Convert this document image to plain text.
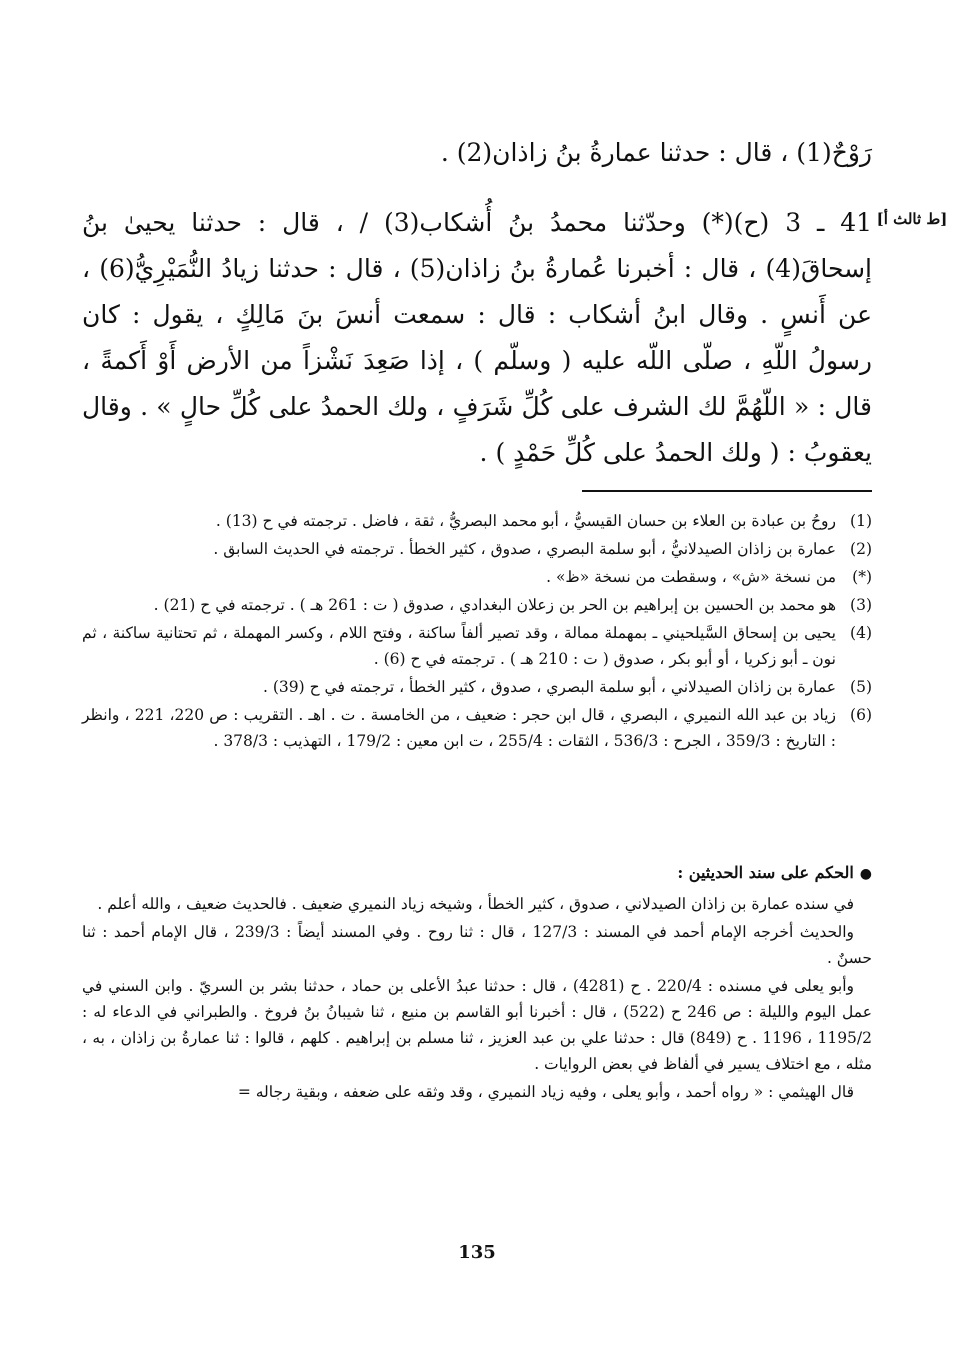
رَوْحٌ(1) ، قال : حدثنا عمارةُ بنُ زاذان(2) .

[ط ثالث أ]

41 ـ 3 (ح)(*) وحدّثنا محمدُ بنُ أُشكاب(3) / ، قال : حدثنا يحيىٰ بنُ إسحاقَ(4) ، قال : أخبرنا عُمارةُ بنُ زاذان(5) ، قال : حدثنا زيادُ النُّمَيْرِيُّ(6) ، عن أَنسٍ . وقال ابنُ أشكاب : قال : سمعت أنسَ بنَ مَالِكٍ ، يقول : كان رسولُ اللّهِ ، صلّى اللّه عليه ( وسلّم ) ، إذا صَعِدَ نَشْزاً من الأرض أَوْ أَكمةً ، قال : « اللّهُمَّ لك الشرف على كُلِّ شَرَفٍ ، ولك الحمدُ على كُلِّ حالٍ » . وقال يعقوبُ : ( ولك الحمدُ على كُلِّ حَمْدٍ ) .

(1)
روحُ بن عبادة بن العلاء بن حسان القيسيُّ ، أبو محمد البصريُّ ، ثقة ، فاضل . ترجمته في ح (13) .
(2)
عمارة بن زاذان الصيدلانيُّ ، أبو سلمة البصري ، صدوق ، كثير الخطأ . ترجمته في الحديث السابق .
(*)
من نسخة «ش» ، وسقطت من نسخة «ظ» .
(3)
هو محمد بن الحسين بن إبراهيم بن الحر بن زعلان البغدادي ، صدوق ( ت : 261 هـ ) . ترجمته في ح (21) .
(4)
يحيى بن إسحاق السَّيلحيني ـ بمهملة ممالة ، وقد تصير ألفاً ساكنة ، وفتح اللام ، وكسر المهملة ، ثم تحتانية ساكنة ، ثم نون ـ أبو زكريا ، أو أبو بكر ، صدوق ( ت : 210 هـ ) . ترجمته في ح (6) .
(5)
عمارة بن زاذان الصيدلاني ، أبو سلمة البصري ، صدوق ، كثير الخطأ ، ترجمته في ح (39) .
(6)
زياد بن عبد الله النميري ، البصري ، قال ابن حجر : ضعيف ، من الخامسة . ت . اهـ . التقريب : ص 220، 221 ، وانظر : التاريخ : 359/3 ، الجرح : 536/3 ، الثقات : 255/4 ، ت ابن معين : 179/2 ، التهذيب : 378/3 .
●الحكم على سند الحديثين :

في سنده عمارة بن زاذان الصيدلاني ، صدوق ، كثير الخطأ ، وشيخه زياد النميري ضعيف . فالحديث ضعيف ، والله أعلم .

والحديث أخرجه الإمام أحمد في المسند : 127/3 ، قال : ثنا روح . وفي المسند أيضاً : 239/3 ، قال الإمام أحمد : ثنا حسنٌ .

وأبو يعلى في مسنده : 220/4 . ح (4281) ، قال : حدثنا عبدُ الأعلى بن حماد ، حدثنا بشر بن السريّ . وابن السني في عمل اليوم والليلة : ص 246 ح (522) ، قال : أخبرنا أبو القاسم بن منيع ، ثنا شيبانُ بنُ فروخ . والطبراني في الدعاء له : 1195/2 ، 1196 . ح (849) قال : حدثنا علي بن عبد العزيز ، ثنا مسلم بن إبراهيم . كلهم ، قالوا : ثنا عمارةُ بن زاذان ، به ، مثله ، مع اختلاف يسير في ألفاظ في بعض الروايات .

قال الهيثمي : « رواه أحمد ، وأبو يعلى ، وفيه زياد النميري ، وقد وثقه على ضعفه ، وبقية رجاله =

135
